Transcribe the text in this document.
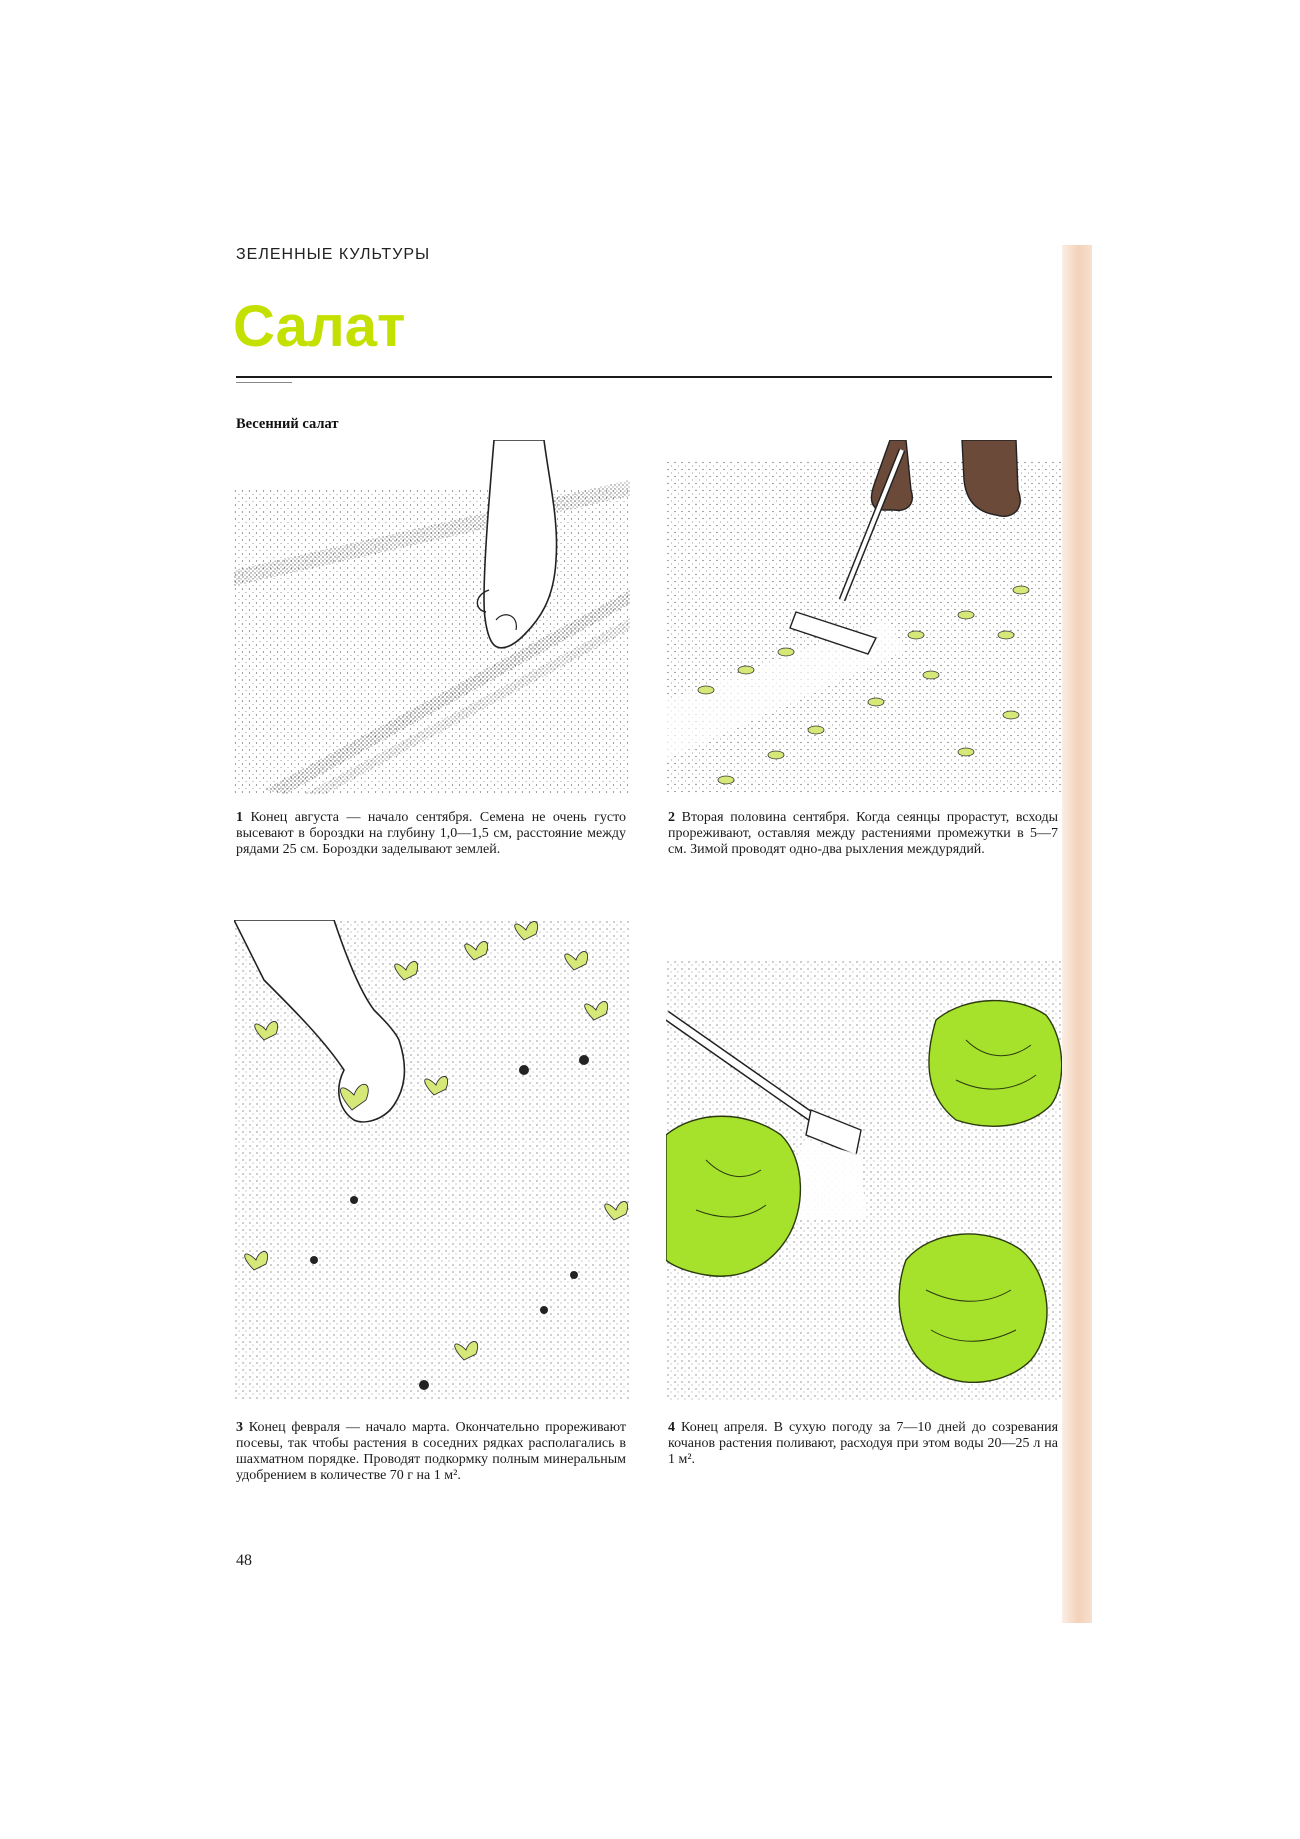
ЗЕЛЕННЫЕ КУЛЬТУРЫ
Салат
Весенний салат
1 Конец августа — начало сентября. Семена не очень густо высевают в бороздки на глубину 1,0—1,5 см, расстояние между рядами 25 см. Бороздки заделывают землей.
2 Вторая половина сентября. Когда сеянцы прорастут, всходы прореживают, оставляя между растениями промежутки в 5—7 см. Зимой проводят одно-два рыхления междурядий.
3 Конец февраля — начало марта. Окончательно прореживают посевы, так чтобы растения в соседних рядках располагались в шахматном порядке. Проводят подкормку полным минеральным удобрением в количестве 70 г на 1 м².
4 Конец апреля. В сухую погоду за 7—10 дней до созревания кочанов растения поливают, расходуя при этом воды 20—25 л на 1 м².
48
